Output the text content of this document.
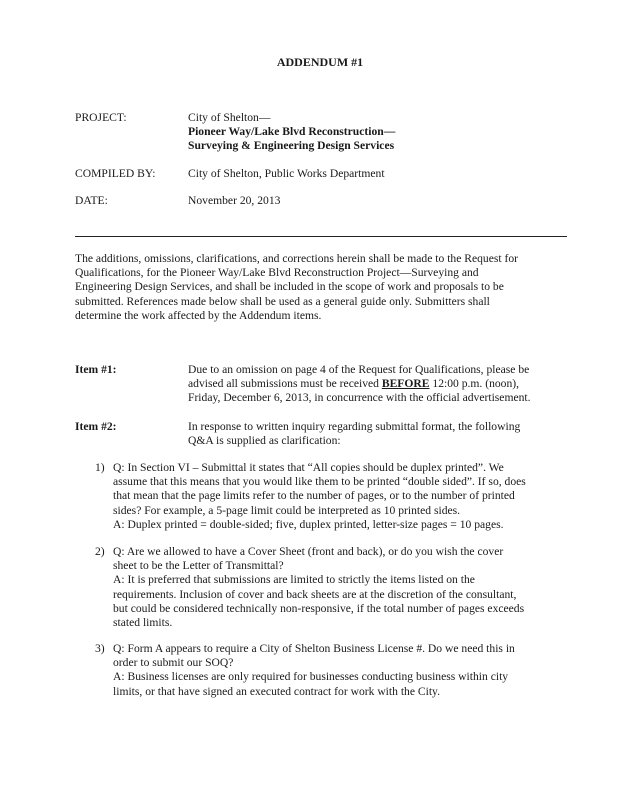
ADDENDUM #1
PROJECT:	City of Shelton—
Pioneer Way/Lake Blvd Reconstruction—
Surveying & Engineering Design Services
COMPILED BY:	City of Shelton, Public Works Department
DATE:	November 20, 2013
The additions, omissions, clarifications, and corrections herein shall be made to the Request for
Qualifications, for the Pioneer Way/Lake Blvd Reconstruction Project—Surveying and
Engineering Design Services, and shall be included in the scope of work and proposals to be
submitted. References made below shall be used as a general guide only. Submitters shall
determine the work affected by the Addendum items.
Item #1:	Due to an omission on page 4 of the Request for Qualifications, please be
advised all submissions must be received BEFORE 12:00 p.m. (noon),
Friday, December 6, 2013, in concurrence with the official advertisement.
Item #2:	In response to written inquiry regarding submittal format, the following
Q&A is supplied as clarification:
1) Q: In Section VI – Submittal it states that “All copies should be duplex printed”. We
assume that this means that you would like them to be printed “double sided”. If so, does
that mean that the page limits refer to the number of pages, or to the number of printed
sides? For example, a 5-page limit could be interpreted as 10 printed sides.
A: Duplex printed = double-sided; five, duplex printed, letter-size pages = 10 pages.
2) Q: Are we allowed to have a Cover Sheet (front and back), or do you wish the cover
sheet to be the Letter of Transmittal?
A: It is preferred that submissions are limited to strictly the items listed on the
requirements. Inclusion of cover and back sheets are at the discretion of the consultant,
but could be considered technically non-responsive, if the total number of pages exceeds
stated limits.
3) Q: Form A appears to require a City of Shelton Business License #. Do we need this in
order to submit our SOQ?
A: Business licenses are only required for businesses conducting business within city
limits, or that have signed an executed contract for work with the City.
